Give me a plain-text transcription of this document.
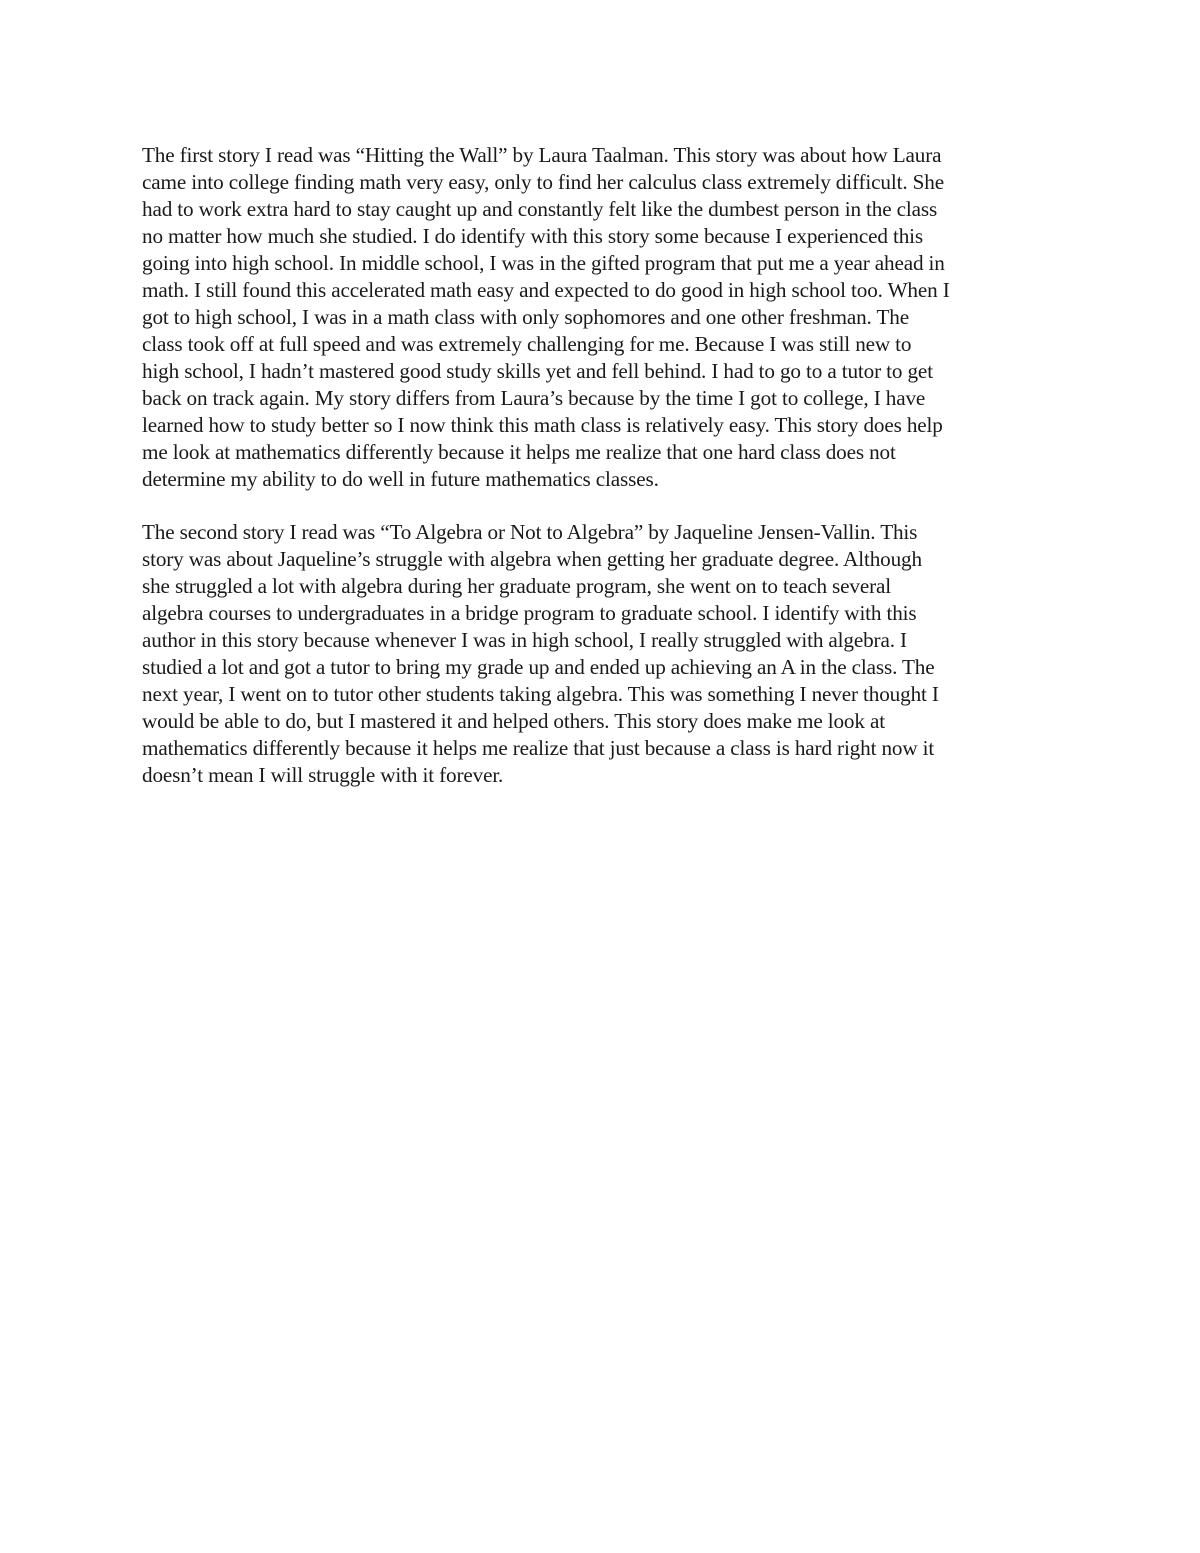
The first story I read was “Hitting the Wall” by Laura Taalman. This story was about how Laura
came into college finding math very easy, only to find her calculus class extremely difficult. She
had to work extra hard to stay caught up and constantly felt like the dumbest person in the class
no matter how much she studied. I do identify with this story some because I experienced this
going into high school. In middle school, I was in the gifted program that put me a year ahead in
math. I still found this accelerated math easy and expected to do good in high school too. When I
got to high school, I was in a math class with only sophomores and one other freshman. The
class took off at full speed and was extremely challenging for me. Because I was still new to
high school, I hadn’t mastered good study skills yet and fell behind. I had to go to a tutor to get
back on track again. My story differs from Laura’s because by the time I got to college, I have
learned how to study better so I now think this math class is relatively easy. This story does help
me look at mathematics differently because it helps me realize that one hard class does not
determine my ability to do well in future mathematics classes.

The second story I read was “To Algebra or Not to Algebra” by Jaqueline Jensen-Vallin. This
story was about Jaqueline’s struggle with algebra when getting her graduate degree. Although
she struggled a lot with algebra during her graduate program, she went on to teach several
algebra courses to undergraduates in a bridge program to graduate school. I identify with this
author in this story because whenever I was in high school, I really struggled with algebra. I
studied a lot and got a tutor to bring my grade up and ended up achieving an A in the class. The
next year, I went on to tutor other students taking algebra. This was something I never thought I
would be able to do, but I mastered it and helped others. This story does make me look at
mathematics differently because it helps me realize that just because a class is hard right now it
doesn’t mean I will struggle with it forever.
